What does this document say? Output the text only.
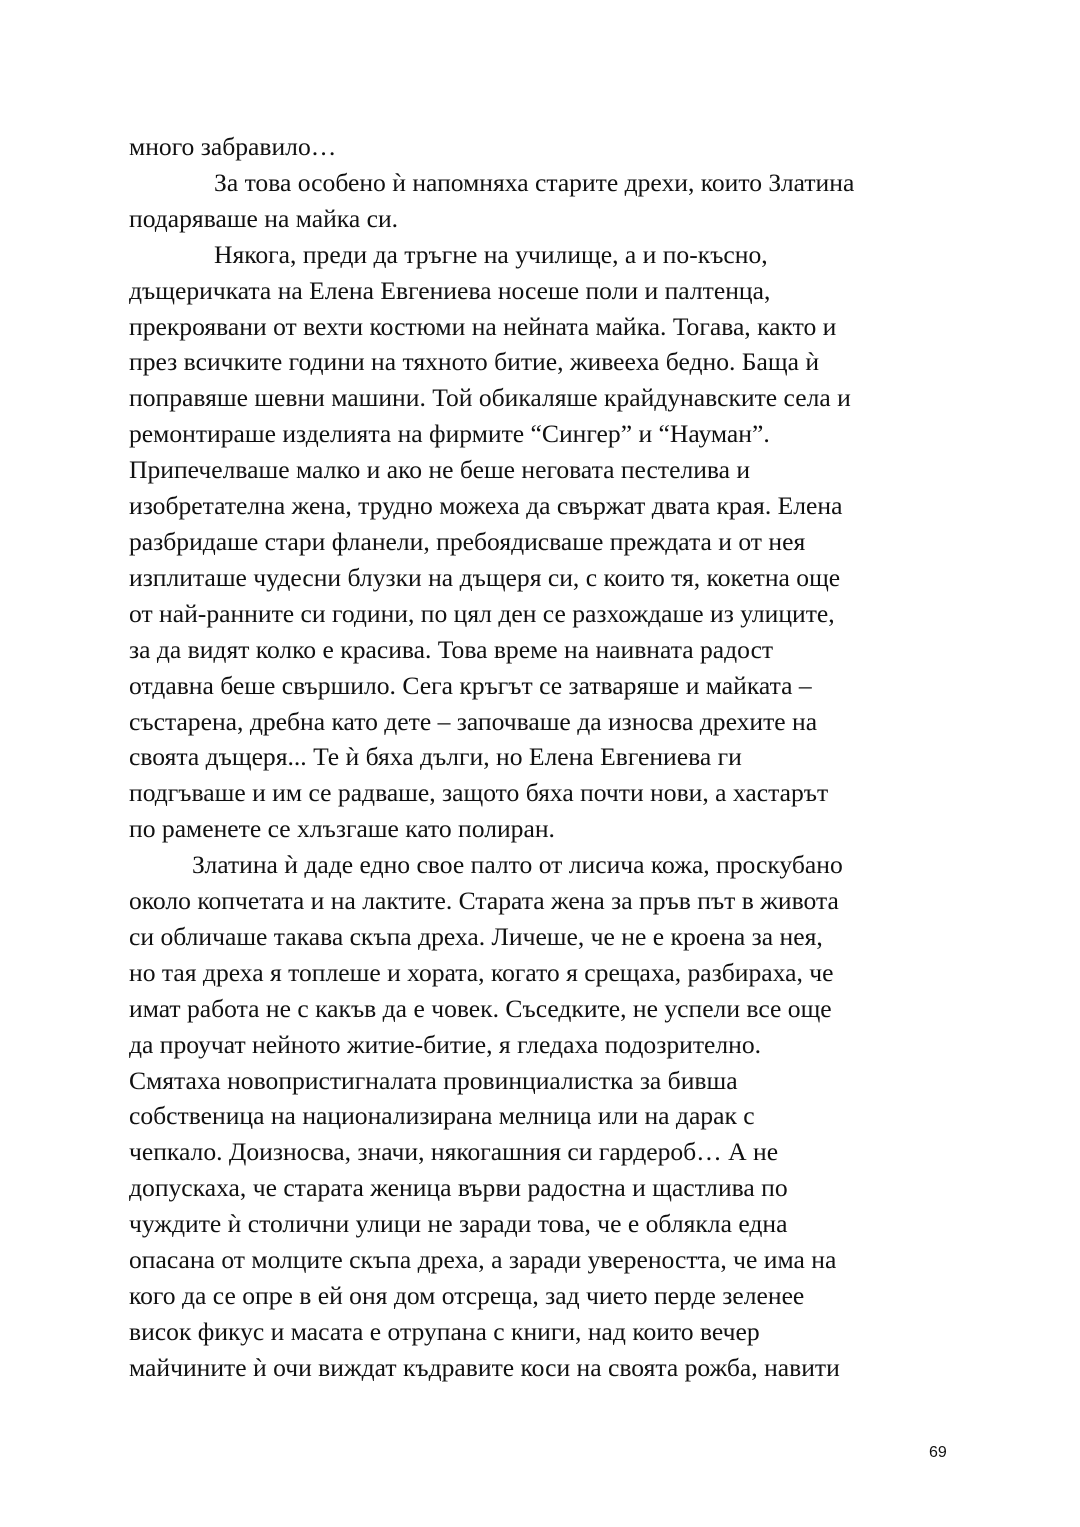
много забравило…
За това особено ѝ напомняха старите дрехи, които Златина
подаряваше на майка си.
Някога, преди да тръгне на училище, а и по-късно,
дъщеричката на Елена Евгениева носеше поли и палтенца,
прекроявани от вехти костюми на нейната майка. Тогава, както и
през всичките години на тяхното битие, живееха бедно. Баща ѝ
поправяше шевни машини. Той обикаляше крайдунавските села и
ремонтираше изделията на фирмите “Сингер” и “Науман”.
Припечелваше малко и ако не беше неговата пестелива и
изобретателна жена, трудно можеха да свържат двата края. Елена
разбридаше стари фланели, пребоядисваше преждата и от нея
изплиташе чудесни блузки на дъщеря си, с които тя, кокетна още
от най-ранните си години, по цял ден се разхождаше из улиците,
за да видят колко е красива. Това време на наивната радост
отдавна беше свършило. Сега кръгът се затваряше и майката –
състарена, дребна като дете – започваше да износва дрехите на
своята дъщеря... Те ѝ бяха дълги, но Елена Евгениева ги
подгъваше и им се радваше, защото бяха почти нови, а хастарът
по раменете се хлъзгаше като полиран.
Златина ѝ даде едно свое палто от лисича кожа, проскубано
около копчетата и на лактите. Старата жена за пръв път в живота
си обличаше такава скъпа дреха. Личеше, че не е кроена за нея,
но тая дреха я топлеше и хората, когато я срещаха, разбираха, че
имат работа не с какъв да е човек. Съседките, не успели все още
да проучат нейното житие-битие, я гледаха подозрително.
Смятаха новопристигналата провинциалистка за бивша
собственица на национализирана мелница или на дарак с
чепкало. Доизносва, значи, някогашния си гардероб… А не
допускаха, че старата женица върви радостна и щастлива по
чуждите ѝ столични улици не заради това, че е облякла една
опасана от молците скъпа дреха, а заради увереността, че има на
кого да се опре в ей оня дом отсреща, зад чието перде зеленее
висок фикус и масата е отрупана с книги, над които вечер
майчините ѝ очи виждат къдравите коси на своята рожба, навити
69
